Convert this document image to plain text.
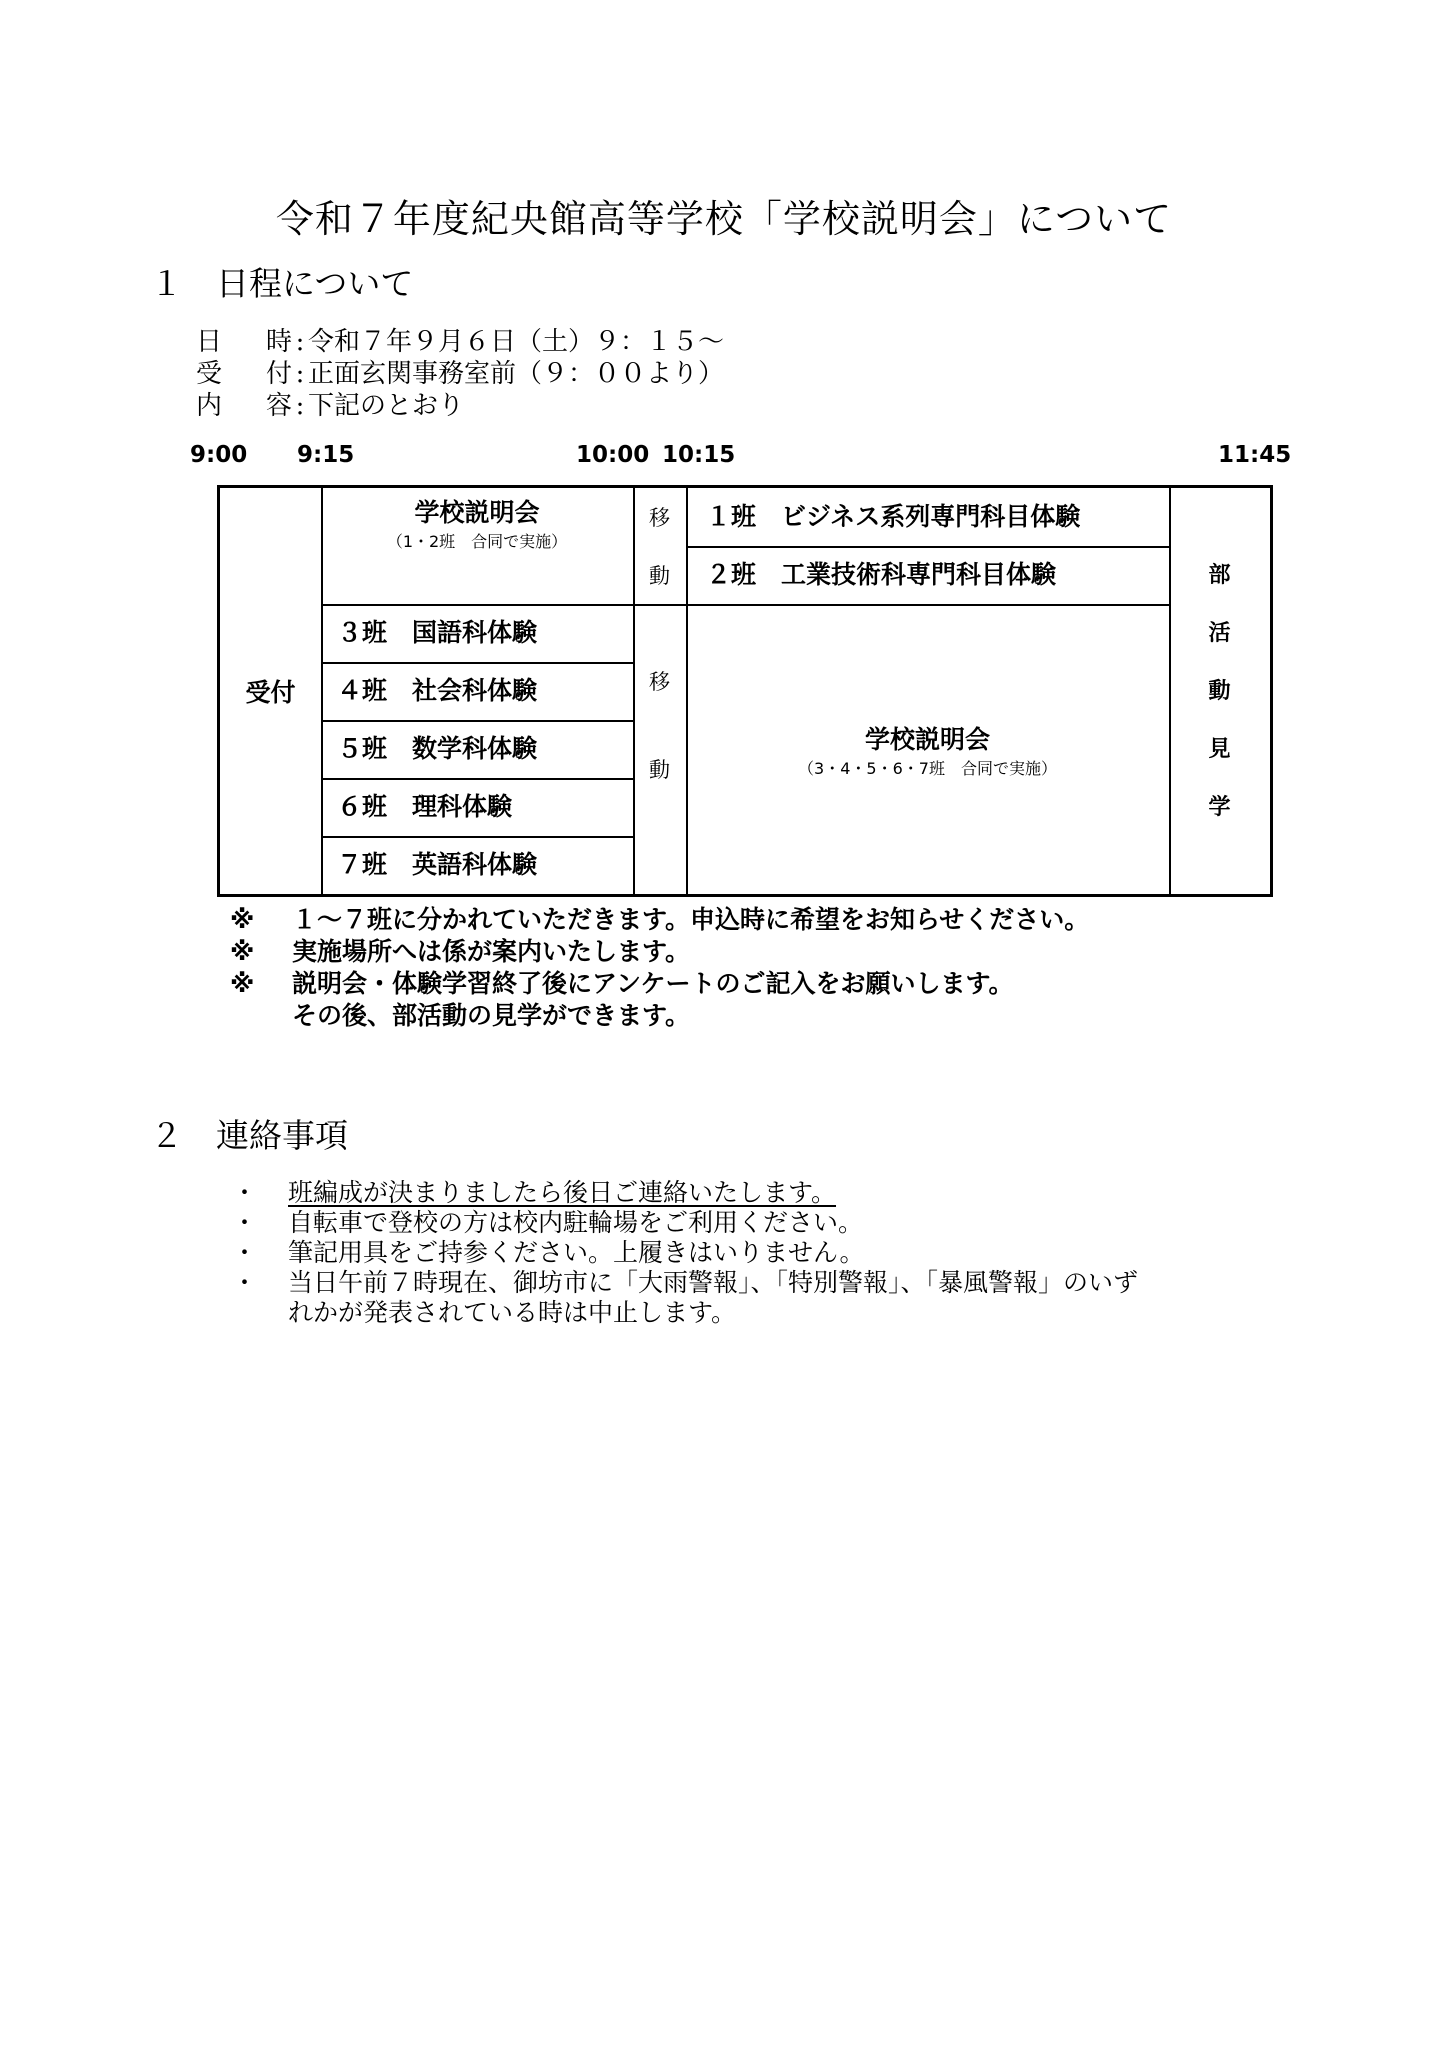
令和７年度紀央館高等学校「学校説明会」について
１　日程について
日時 : 令和７年９月６日（土）９：１５～
受付 : 正面玄関事務室前（９：００より）
内容 : 下記のとおり
9:00 9:15	10:00 10:15	11:45
受付
学校説明会
（1・2班　合同で実施）
移
動
１班　ビジネス系列専門科目体験
２班　工業技術科専門科目体験
３班　国語科体験
４班　社会科体験
５班　数学科体験
６班　理科体験
７班　英語科体験
移
動
学校説明会
（3・4・5・6・7班　合同で実施）
部
活
動
見
学
※ １～７班に分かれていただきます。申込時に希望をお知らせください。
※ 実施場所へは係が案内いたします。
※ 説明会・体験学習終了後にアンケートのご記入をお願いします。
その後、部活動の見学ができます。
２　連絡事項
・ 班編成が決まりましたら後日ご連絡いたします。
・ 自転車で登校の方は校内駐輪場をご利用ください。
・ 筆記用具をご持参ください。上履きはいりません。
・ 当日午前７時現在、御坊市に「大雨警報」、「特別警報」、「暴風警報」のいず
れかが発表されている時は中止します。
